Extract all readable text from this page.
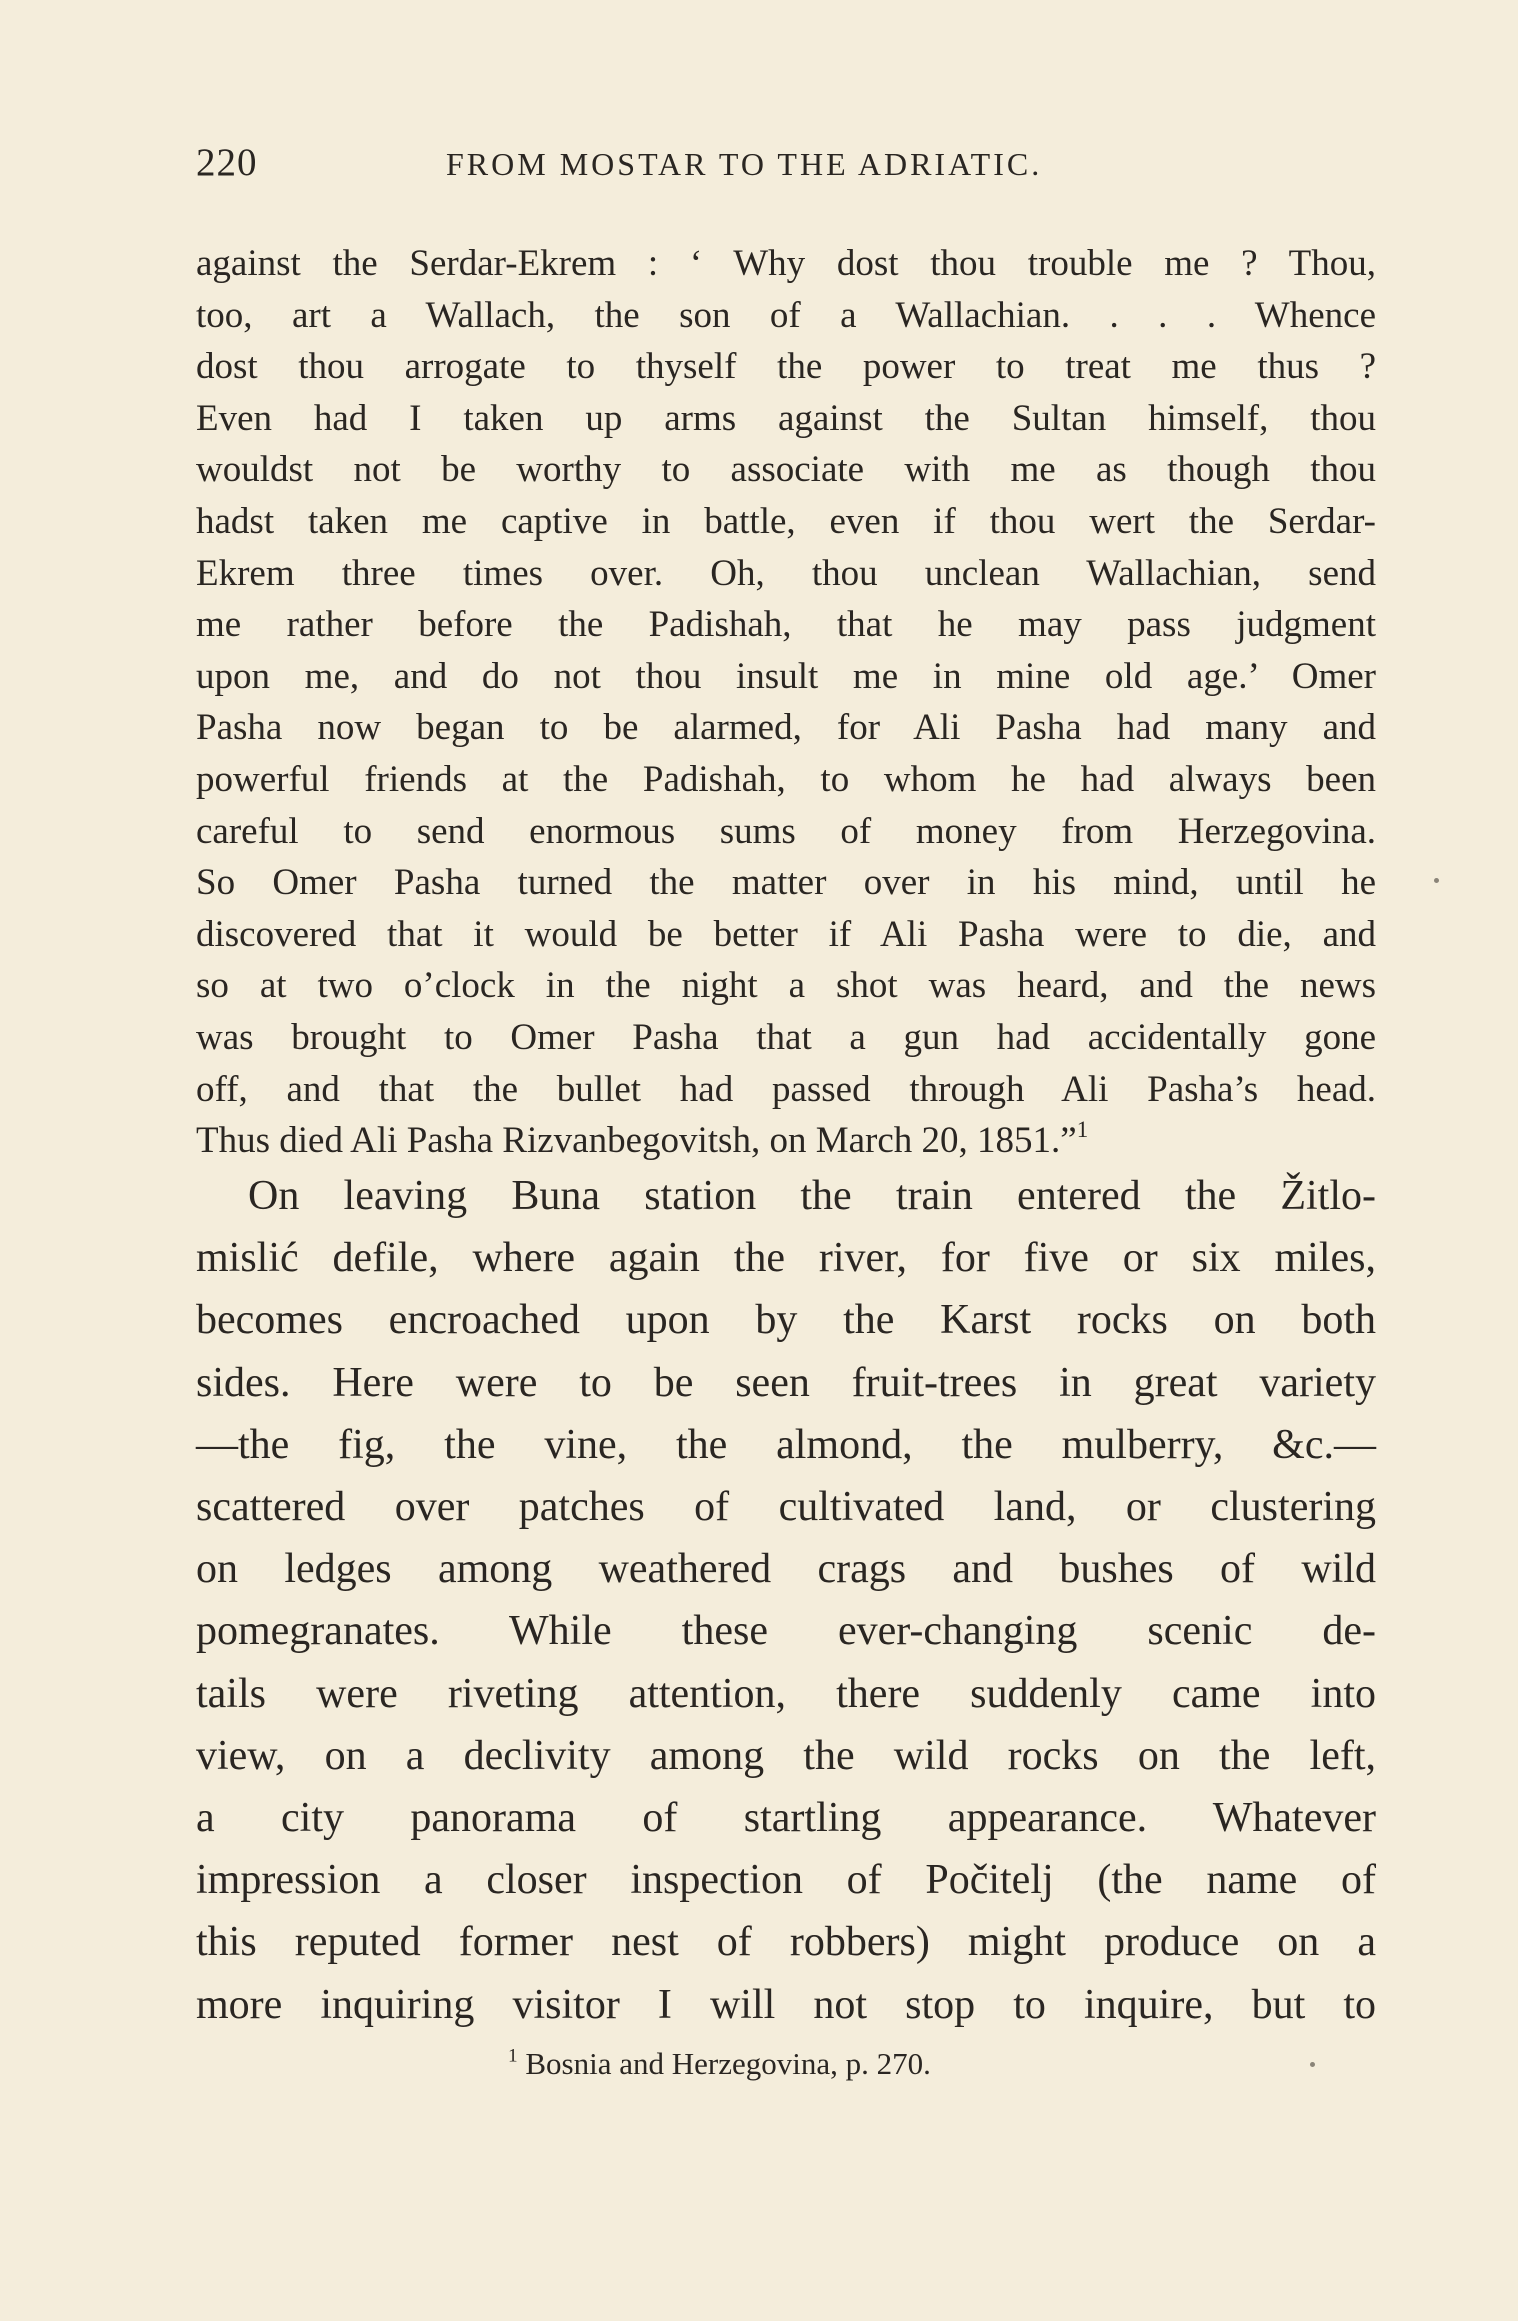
220	FROM MOSTAR TO THE ADRIATIC.
against the Serdar-Ekrem : ‘ Why dost thou trouble me ? Thou,
too, art a Wallach, the son of a Wallachian. . . . Whence
dost thou arrogate to thyself the power to treat me thus ?
Even had I taken up arms against the Sultan himself, thou
wouldst not be worthy to associate with me as though thou
hadst taken me captive in battle, even if thou wert the Serdar-
Ekrem three times over. Oh, thou unclean Wallachian, send
me rather before the Padishah, that he may pass judgment
upon me, and do not thou insult me in mine old age.’ Omer
Pasha now began to be alarmed, for Ali Pasha had many and
powerful friends at the Padishah, to whom he had always been
careful to send enormous sums of money from Herzegovina.
So Omer Pasha turned the matter over in his mind, until he
discovered that it would be better if Ali Pasha were to die, and
so at two o’clock in the night a shot was heard, and the news
was brought to Omer Pasha that a gun had accidentally gone
off, and that the bullet had passed through Ali Pasha’s head.
Thus died Ali Pasha Rizvanbegovitsh, on March 20, 1851.”$^1$
On leaving Buna station the train entered the Žitlo-
mislić defile, where again the river, for five or six miles,
becomes encroached upon by the Karst rocks on both
sides. Here were to be seen fruit-trees in great variety
—the fig, the vine, the almond, the mulberry, &c.—
scattered over patches of cultivated land, or clustering
on ledges among weathered crags and bushes of wild
pomegranates. While these ever-changing scenic de-
tails were riveting attention, there suddenly came into
view, on a declivity among the wild rocks on the left,
a city panorama of startling appearance. Whatever
impression a closer inspection of Počitelj (the name of
this reputed former nest of robbers) might produce on a
more inquiring visitor I will not stop to inquire, but to
$^1$ Bosnia and Herzegovina, p. 270.
